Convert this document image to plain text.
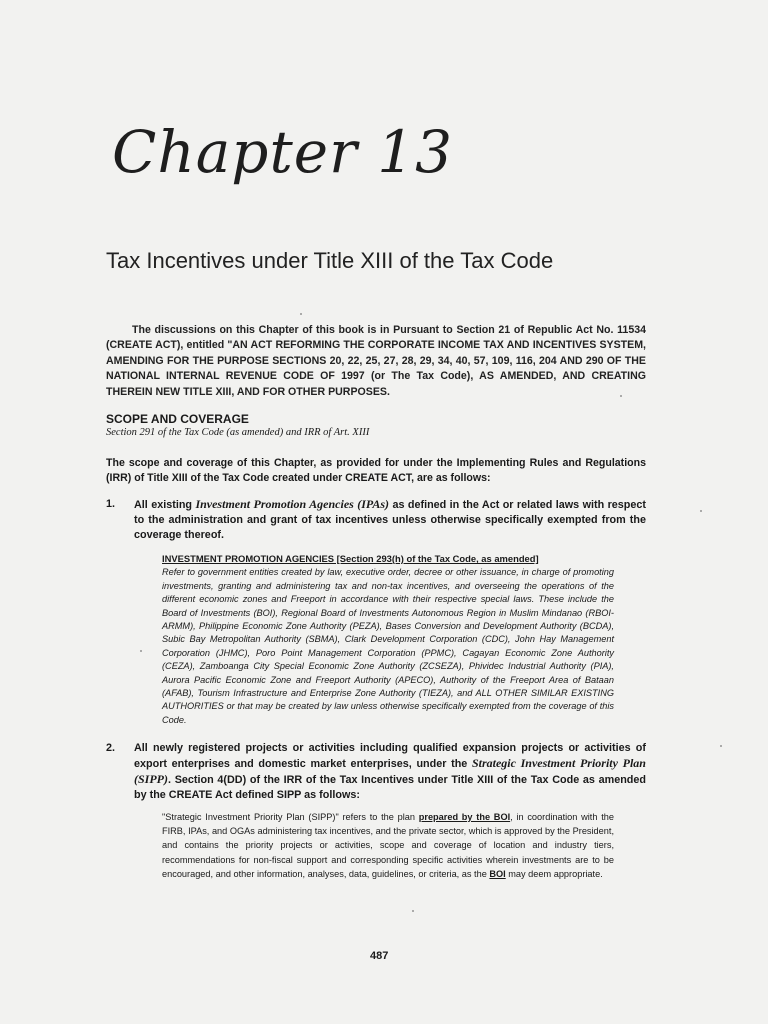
Chapter 13
Tax Incentives under Title XIII of the Tax Code
The discussions on this Chapter of this book is in Pursuant to Section 21 of Republic Act No. 11534 (CREATE ACT), entitled "AN ACT REFORMING THE CORPORATE INCOME TAX AND INCENTIVES SYSTEM, AMENDING FOR THE PURPOSE SECTIONS 20, 22, 25, 27, 28, 29, 34, 40, 57, 109, 116, 204 AND 290 OF THE NATIONAL INTERNAL REVENUE CODE OF 1997 (or The Tax Code), AS AMENDED, AND CREATING THEREIN NEW TITLE XIII, AND FOR OTHER PURPOSES.
SCOPE AND COVERAGE
Section 291 of the Tax Code (as amended) and IRR of Art. XIII
The scope and coverage of this Chapter, as provided for under the Implementing Rules and Regulations (IRR) of Title XIII of the Tax Code created under CREATE ACT, are as follows:
1. All existing Investment Promotion Agencies (IPAs) as defined in the Act or related laws with respect to the administration and grant of tax incentives unless otherwise specifically exempted from the coverage thereof.
INVESTMENT PROMOTION AGENCIES [Section 293(h) of the Tax Code, as amended]
Refer to government entities created by law, executive order, decree or other issuance, in charge of promoting investments, granting and administering tax and non-tax incentives, and overseeing the operations of the different economic zones and Freeport in accordance with their respective special laws. These include the Board of Investments (BOI), Regional Board of Investments Autonomous Region in Muslim Mindanao (RBOI-ARMM), Philippine Economic Zone Authority (PEZA), Bases Conversion and Development Authority (BCDA), Subic Bay Metropolitan Authority (SBMA), Clark Development Corporation (CDC), John Hay Management Corporation (JHMC), Poro Point Management Corporation (PPMC), Cagayan Economic Zone Authority (CEZA), Zamboanga City Special Economic Zone Authority (ZCSEZA), Phividec Industrial Authority (PIA), Aurora Pacific Economic Zone and Freeport Authority (APECO), Authority of the Freeport Area of Bataan (AFAB), Tourism Infrastructure and Enterprise Zone Authority (TIEZA), and ALL OTHER SIMILAR EXISTING AUTHORITIES or that may be created by law unless otherwise specifically exempted from the coverage of this Code.
2. All newly registered projects or activities including qualified expansion projects or activities of export enterprises and domestic market enterprises, under the Strategic Investment Priority Plan (SIPP). Section 4(DD) of the IRR of the Tax Incentives under Title XIII of the Tax Code as amended by the CREATE Act defined SIPP as follows:
"Strategic Investment Priority Plan (SIPP)" refers to the plan prepared by the BOI, in coordination with the FIRB, IPAs, and OGAs administering tax incentives, and the private sector, which is approved by the President, and contains the priority projects or activities, scope and coverage of location and industry tiers, recommendations for non-fiscal support and corresponding specific activities wherein investments are to be encouraged, and other information, analyses, data, guidelines, or criteria, as the BOI may deem appropriate.
487
